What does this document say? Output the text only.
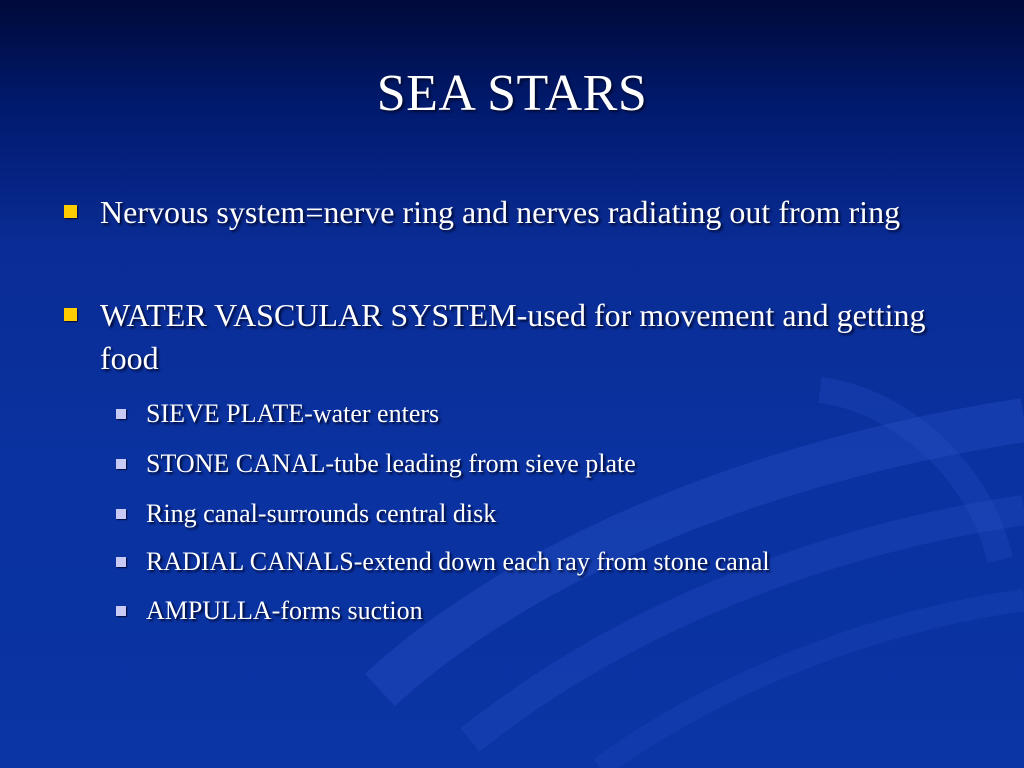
SEA STARS
Nervous system=nerve ring and nerves radiating out from ring
WATER VASCULAR SYSTEM-used for movement and getting food
SIEVE PLATE-water enters
STONE CANAL-tube leading from sieve plate
Ring canal-surrounds central disk
RADIAL CANALS-extend down each ray from stone canal
AMPULLA-forms suction
